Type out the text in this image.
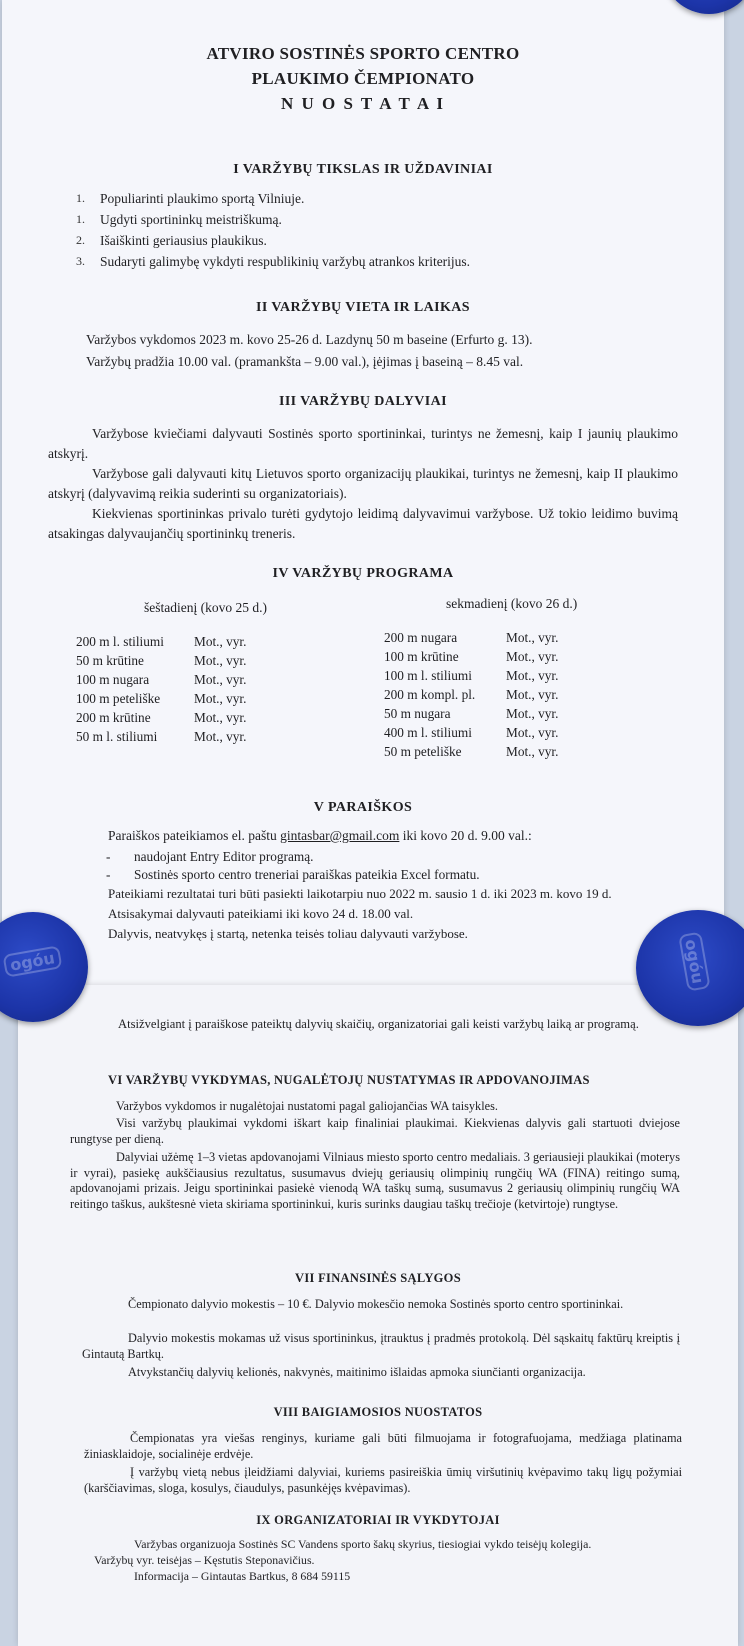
ATVIRO SOSTINĖS SPORTO CENTRO
PLAUKIMO ČEMPIONATO
N U O S T A T A I
I VARŽYBŲ TIKSLAS IR UŽDAVINIAI
1.	Populiarinti plaukimo sportą Vilniuje.
1.	Ugdyti sportininkų meistriškumą.
2.	Išaiškinti geriausius plaukikus.
3.	Sudaryti galimybę vykdyti respublikinių varžybų atrankos kriterijus.
II VARŽYBŲ VIETA IR LAIKAS
Varžybos vykdomos 2023 m. kovo 25-26 d. Lazdynų 50 m baseine (Erfurto g. 13).
Varžybų pradžia 10.00 val. (pramankšta – 9.00 val.), įėjimas į baseiną – 8.45 val.
III VARŽYBŲ DALYVIAI
Varžybose kviečiami dalyvauti Sostinės sporto sportininkai, turintys ne žemesnį, kaip I jaunių plaukimo atskyrį.
Varžybose gali dalyvauti kitų Lietuvos sporto organizacijų plaukikai, turintys ne žemesnį, kaip II plaukimo atskyrį (dalyvavimą reikia suderinti su organizatoriais).
Kiekvienas sportininkas privalo turėti gydytojo leidimą dalyvavimui varžybose. Už tokio leidimo buvimą atsakingas dalyvaujančių sportininkų treneris.
IV VARŽYBŲ PROGRAMA
šeštadienį (kovo 25 d.)	sekmadienį (kovo 26 d.)
200 m l. stiliumi	Mot., vyr.
50 m krūtine	Mot., vyr.
100 m nugara	Mot., vyr.
100 m peteliške	Mot., vyr.
200 m krūtine	Mot., vyr.
50 m l. stiliumi	Mot., vyr.
200 m nugara	Mot., vyr.
100 m krūtine	Mot., vyr.
100 m l. stiliumi	Mot., vyr.
200 m kompl. pl.	Mot., vyr.
50 m nugara	Mot., vyr.
400 m l. stiliumi	Mot., vyr.
50 m peteliške	Mot., vyr.
V PARAIŠKOS
Paraiškos pateikiamos el. paštu gintasbar@gmail.com iki kovo 20 d. 9.00 val.:
-	naudojant Entry Editor programą.
-	Sostinės sporto centro treneriai paraiškas pateikia Excel formatu.
Pateikiami rezultatai turi būti pasiekti laikotarpiu nuo 2022 m. sausio 1 d. iki 2023 m. kovo 19 d.
Atsisakymai dalyvauti pateikiami iki kovo 24 d. 18.00 val.
Dalyvis, neatvykęs į startą, netenka teisės toliau dalyvauti varžybose.
Atsižvelgiant į paraiškose pateiktų dalyvių skaičių, organizatoriai gali keisti varžybų laiką ar programą.
VI VARŽYBŲ VYKDYMAS, NUGALĖTOJŲ NUSTATYMAS IR APDOVANOJIMAS
Varžybos vykdomos ir nugalėtojai nustatomi pagal galiojančias WA taisykles.
Visi varžybų plaukimai vykdomi iškart kaip finaliniai plaukimai. Kiekvienas dalyvis gali startuoti dviejose rungtyse per dieną.
Dalyviai užėmę 1–3 vietas apdovanojami Vilniaus miesto sporto centro medaliais. 3 geriausieji plaukikai (moterys ir vyrai), pasiekę aukščiausius rezultatus, susumavus dviejų geriausių olimpinių rungčių WA (FINA) reitingo sumą, apdovanojami prizais. Jeigu sportininkai pasiekė vienodą WA taškų sumą, susumavus 2 geriausių olimpinių rungčių WA reitingo taškus, aukštesnė vieta skiriama sportininkui, kuris surinks daugiau taškų trečioje (ketvirtoje) rungtyse.
VII FINANSINĖS SĄLYGOS
Čempionato dalyvio mokestis – 10 €. Dalyvio mokesčio nemoka Sostinės sporto centro sportininkai.
Dalyvio mokestis mokamas už visus sportininkus, įtrauktus į pradmės protokolą. Dėl sąskaitų faktūrų kreiptis į Gintautą Bartkų.
Atvykstančių dalyvių kelionės, nakvynės, maitinimo išlaidas apmoka siunčianti organizacija.
VIII BAIGIAMOSIOS NUOSTATOS
Čempionatas yra viešas renginys, kuriame gali būti filmuojama ir fotografuojama, medžiaga platinama žiniasklaidoje, socialinėje erdvėje.
Į varžybų vietą nebus įleidžiami dalyviai, kuriems pasireiškia ūmių viršutinių kvėpavimo takų ligų požymiai (karščiavimas, sloga, kosulys, čiaudulys, pasunkėjęs kvėpavimas).
IX ORGANIZATORIAI IR VYKDYTOJAI
Varžybas organizuoja Sostinės SC Vandens sporto šakų skyrius, tiesiogiai vykdo teisėjų kolegija.
Varžybų vyr. teisėjas – Kęstutis Steponavičius.
Informacija – Gintautas Bartkus, 8 684 59115
ogóu	ogóu
